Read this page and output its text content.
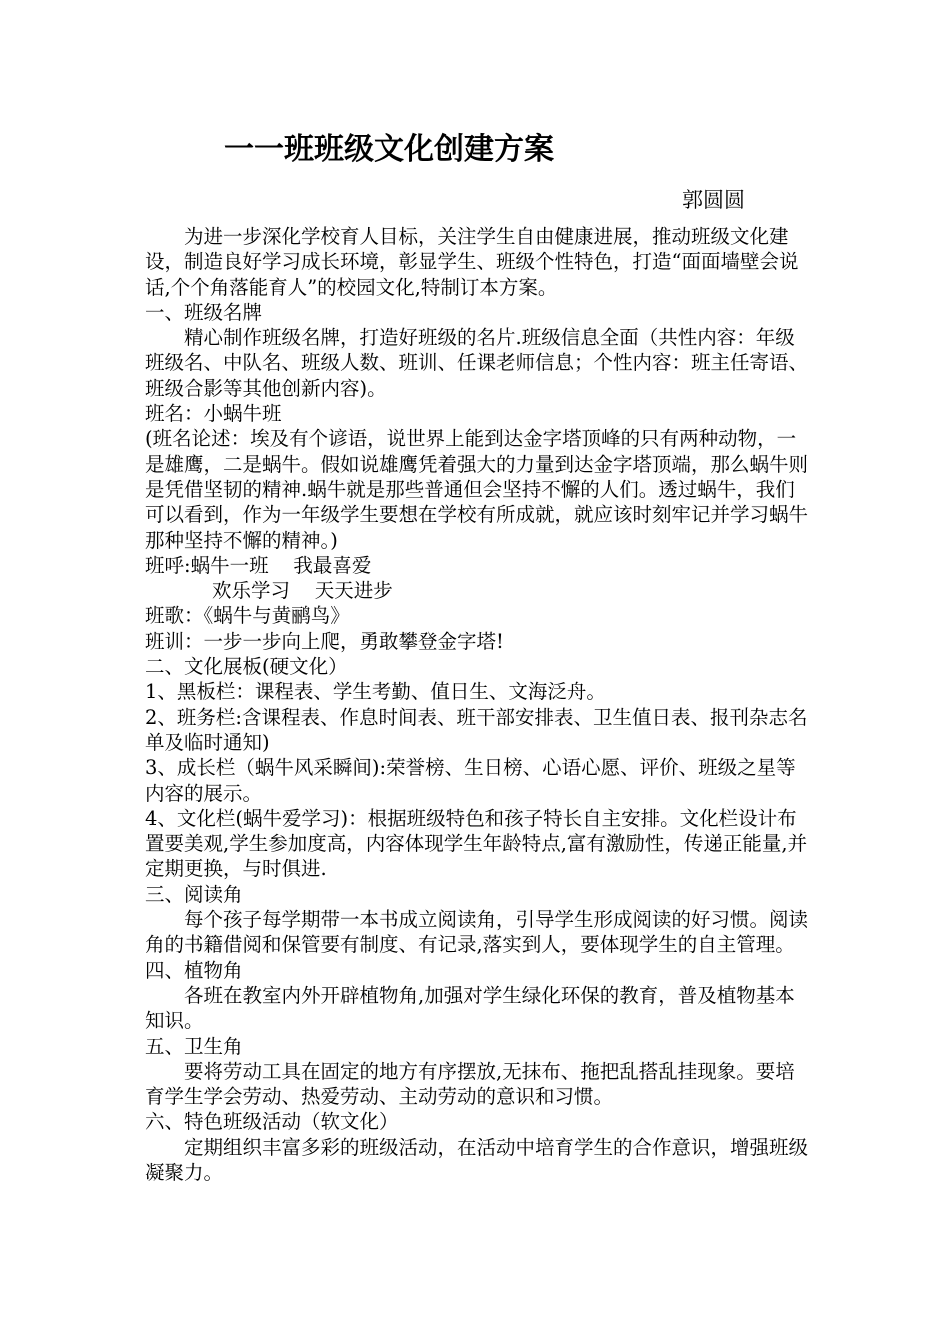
一一班班级文化创建方案
郭圆圆

为进一步深化学校育人目标，关注学生自由健康进展，推动班级文化建设，制造良好学习成长环境，彰显学生、班级个性特色，打造“面面墙壁会说话,个个角落能育人”的校园文化,特制订本方案。

一、班级名牌

精心制作班级名牌，打造好班级的名片.班级信息全面（共性内容：年级班级名、中队名、班级人数、班训、任课老师信息；个性内容：班主任寄语、班级合影等其他创新内容)。

班名：小蜗牛班

(班名论述：埃及有个谚语，说世界上能到达金字塔顶峰的只有两种动物，一是雄鹰，二是蜗牛。假如说雄鹰凭着强大的力量到达金字塔顶端，那么蜗牛则是凭借坚韧的精神.蜗牛就是那些普通但会坚持不懈的人们。透过蜗牛，我们可以看到，作为一年级学生要想在学校有所成就，就应该时刻牢记并学习蜗牛那种坚持不懈的精神。)

班呼:蜗牛一班    我最喜爱

欢乐学习    天天进步

班歌：《蜗牛与黄鹂鸟》

班训：一步一步向上爬，勇敢攀登金字塔!

二、文化展板(硬文化）

1、黑板栏：课程表、学生考勤、值日生、文海泛舟。

2、班务栏:含课程表、作息时间表、班干部安排表、卫生值日表、报刊杂志名单及临时通知)

3、成长栏（蜗牛风采瞬间):荣誉榜、生日榜、心语心愿、评价、班级之星等内容的展示。

4、文化栏(蜗牛爱学习)：根据班级特色和孩子特长自主安排。文化栏设计布置要美观,学生参加度高，内容体现学生年龄特点,富有激励性，传递正能量,并定期更换，与时俱进.

三、阅读角

每个孩子每学期带一本书成立阅读角，引导学生形成阅读的好习惯。阅读角的书籍借阅和保管要有制度、有记录,落实到人，要体现学生的自主管理。

四、植物角

各班在教室内外开辟植物角,加强对学生绿化环保的教育，普及植物基本知识。

五、卫生角

要将劳动工具在固定的地方有序摆放,无抹布、拖把乱搭乱挂现象。要培育学生学会劳动、热爱劳动、主动劳动的意识和习惯。

六、特色班级活动（软文化）

定期组织丰富多彩的班级活动，在活动中培育学生的合作意识，增强班级凝聚力。
